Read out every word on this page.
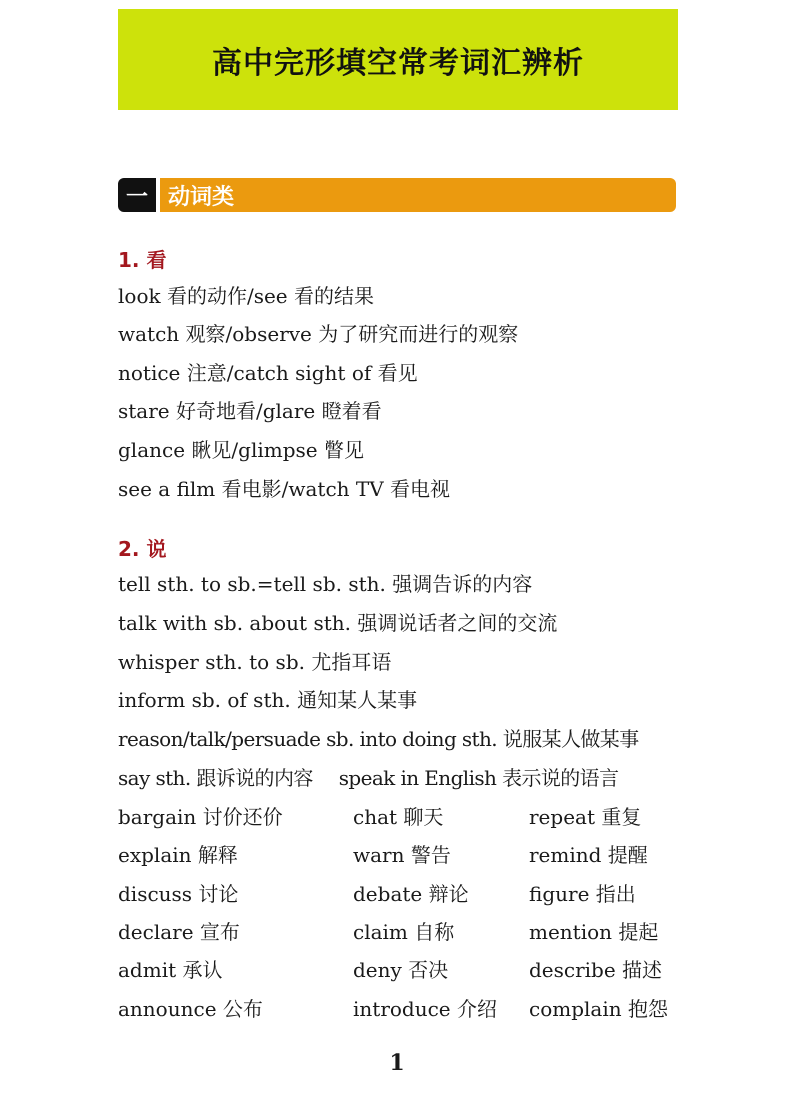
高中完形填空常考词汇辨析
一 动词类
1. 看
look 看的动作/see 看的结果
watch 观察/observe 为了研究而进行的观察
notice 注意/catch sight of 看见
stare 好奇地看/glare 瞪着看
glance 瞅见/glimpse 瞥见
see a film 看电影/watch TV 看电视
2. 说
tell sth. to sb.=tell sb. sth. 强调告诉的内容
talk with sb. about sth. 强调说话者之间的交流
whisper sth. to sb. 尤指耳语
inform sb. of sth. 通知某人某事
reason/talk/persuade sb. into doing sth. 说服某人做某事
say sth. 跟诉说的内容 speak in English 表示说的语言
bargain 讨价还价	chat 聊天	repeat 重复
explain 解释	warn 警告	remind 提醒
discuss 讨论	debate 辩论	figure 指出
declare 宣布	claim 自称	mention 提起
admit 承认	deny 否决	describe 描述
announce 公布	introduce 介绍 complain 抱怨
1
